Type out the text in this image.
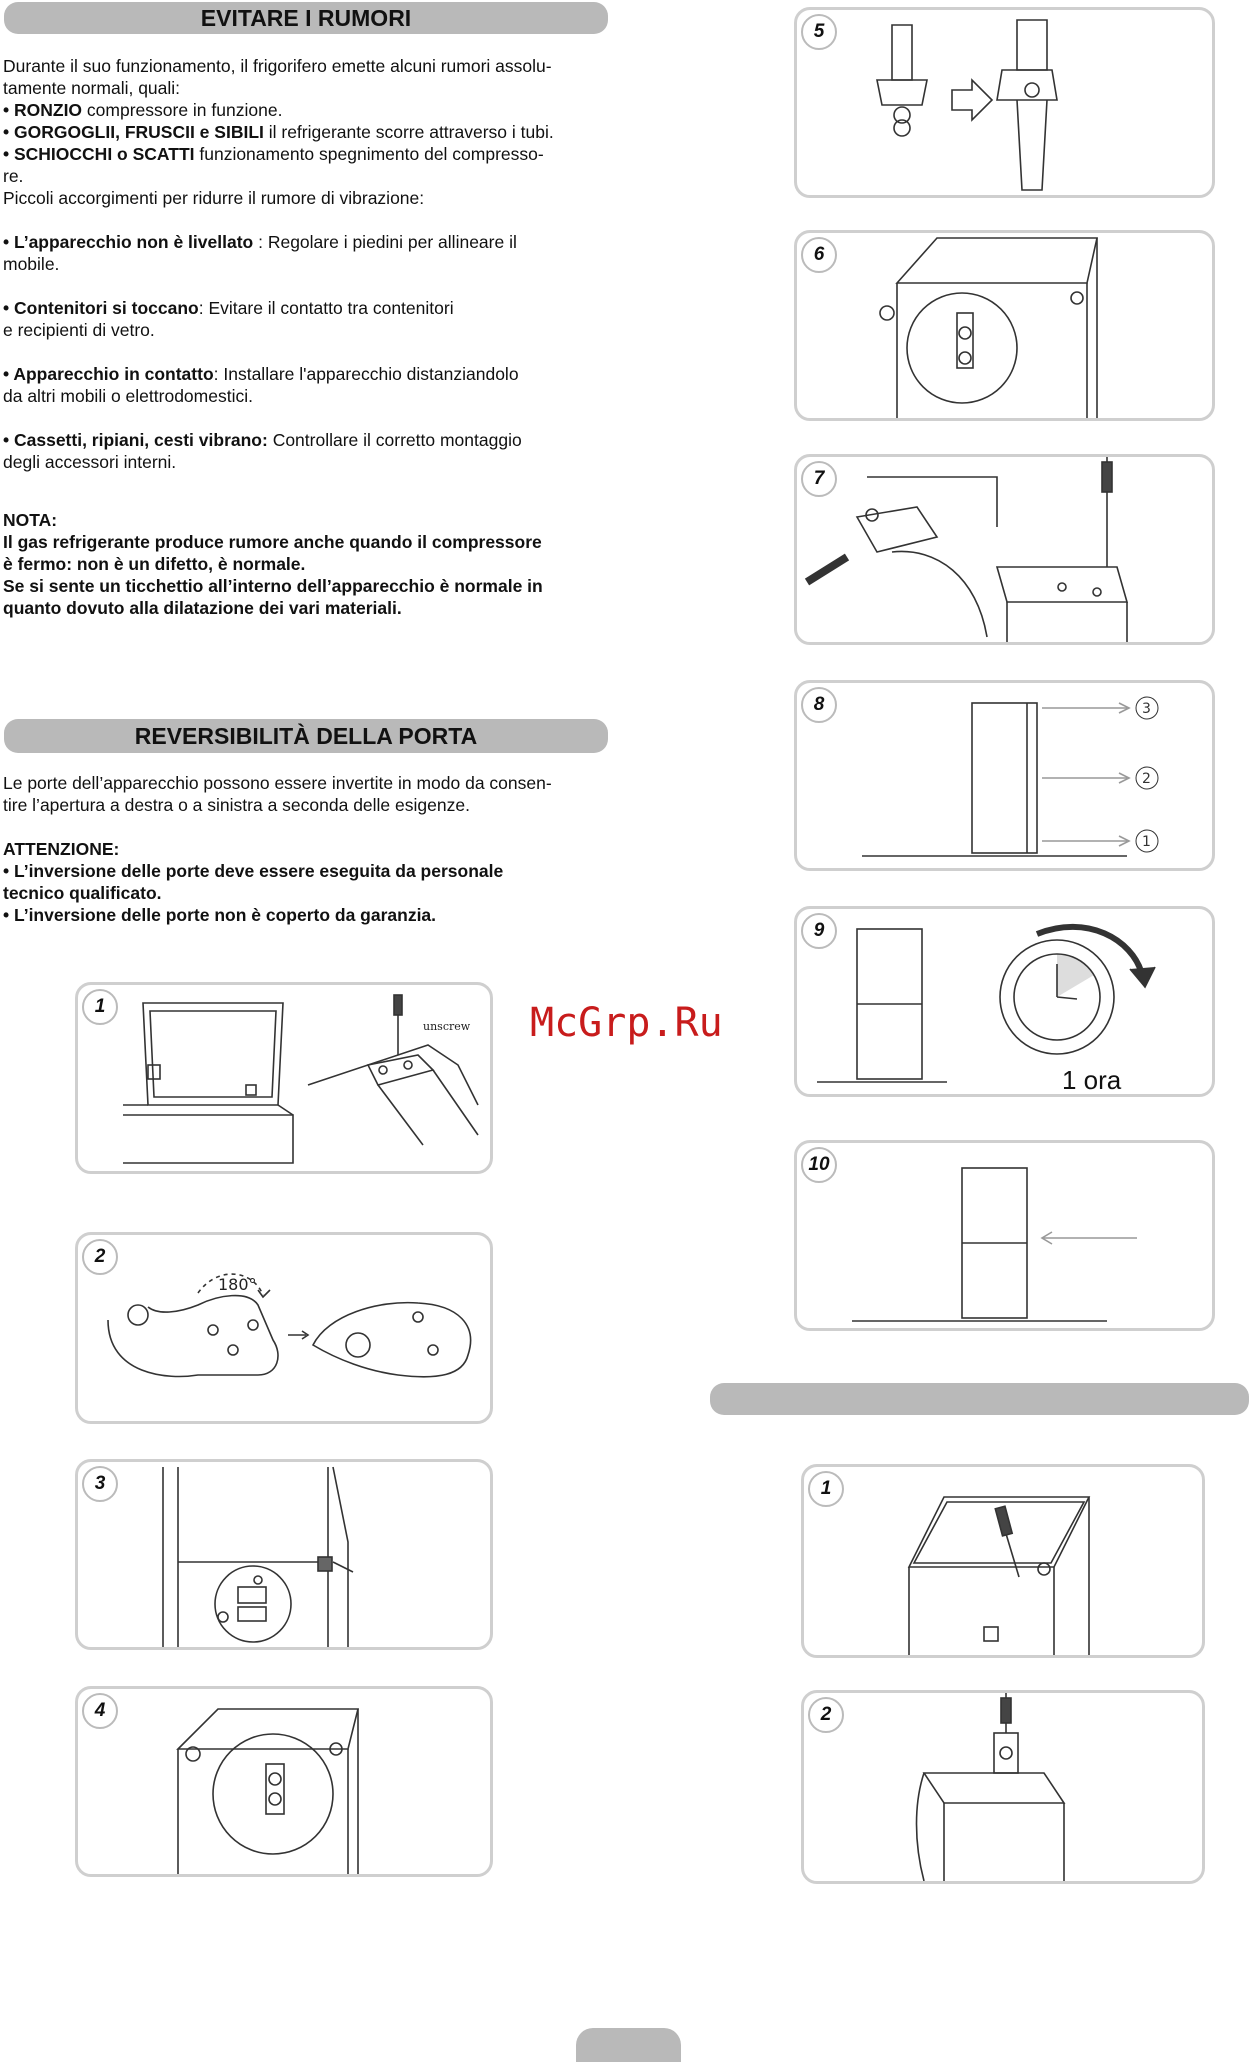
EVITARE I RUMORI

Durante il suo funzionamento, il frigorifero emette alcuni rumori assolu-

tamente normali, quali:

• RONZIO compressore in funzione.

• GORGOGLII, FRUSCII e SIBILI il refrigerante scorre attraverso i tubi.

• SCHIOCCHI o SCATTI funzionamento spegnimento del compresso-

re.

Piccoli accorgimenti per ridurre il rumore di vibrazione:

• L’apparecchio non è livellato : Regolare i piedini per allineare il

mobile.

• Contenitori si toccano: Evitare il contatto tra contenitori

e recipienti di vetro.

• Apparecchio in contatto: Installare l'apparecchio distanziandolo

da altri mobili o elettrodomestici.

• Cassetti, ripiani, cesti vibrano: Controllare il corretto montaggio

degli accessori interni.

NOTA:

Il gas refrigerante produce rumore anche quando il compressore

è fermo: non è un difetto, è normale.

Se si sente un ticchettio all’interno dell’apparecchio è normale in

quanto dovuto alla dilatazione dei vari materiali.

REVERSIBILITÀ DELLA PORTA

Le porte dell’apparecchio possono essere invertite in modo da consen-

tire l’apertura a destra o a sinistra a seconda delle esigenze.

ATTENZIONE:

• L’inversione delle porte deve essere eseguita da personale

tecnico qualificato.

• L’inversione delle porte non è coperto da garanzia.

1
unscrew
2
180°
3
4
5
6
7
8	3
2
1
9
1 ora
10
1
2
McGrp.Ru
